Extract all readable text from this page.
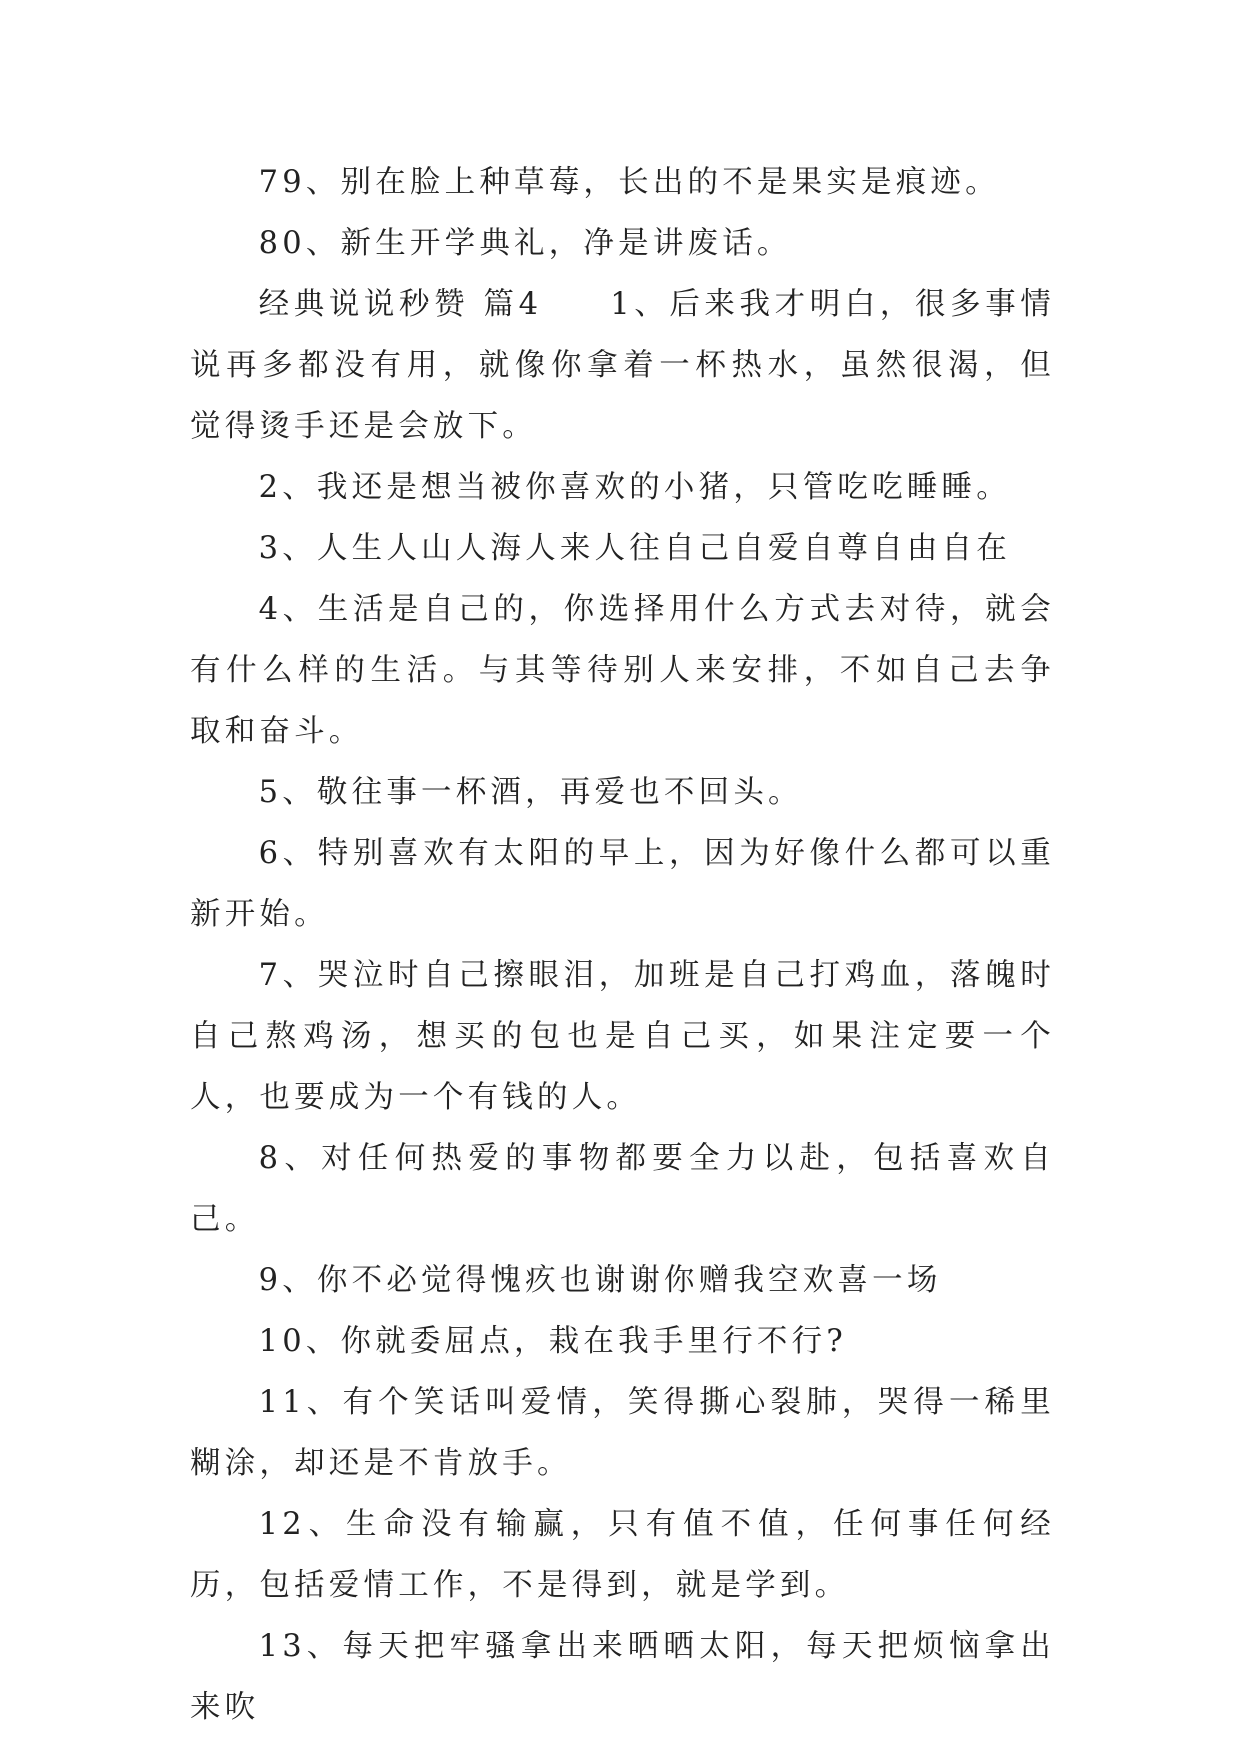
79、别在脸上种草莓，长出的不是果实是痕迹。

80、新生开学典礼，净是讲废话。

经典说说秒赞 篇4 1、后来我才明白，很多事情说再多都没有用，就像你拿着一杯热水，虽然很渴，但觉得烫手还是会放下。

2、我还是想当被你喜欢的小猪，只管吃吃睡睡。

3、人生人山人海人来人往自己自爱自尊自由自在

4、生活是自己的，你选择用什么方式去对待，就会有什么样的生活。与其等待别人来安排，不如自己去争取和奋斗。

5、敬往事一杯酒，再爱也不回头。

6、特别喜欢有太阳的早上，因为好像什么都可以重新开始。

7、哭泣时自己擦眼泪，加班是自己打鸡血，落魄时自己熬鸡汤，想买的包也是自己买，如果注定要一个人，也要成为一个有钱的人。

8、对任何热爱的事物都要全力以赴，包括喜欢自己。

9、你不必觉得愧疚也谢谢你赠我空欢喜一场

10、你就委屈点，栽在我手里行不行?

11、有个笑话叫爱情，笑得撕心裂肺，哭得一稀里糊涂，却还是不肯放手。

12、生命没有输赢，只有值不值，任何事任何经历，包括爱情工作，不是得到，就是学到。

13、每天把牢骚拿出来晒晒太阳，每天把烦恼拿出来吹
